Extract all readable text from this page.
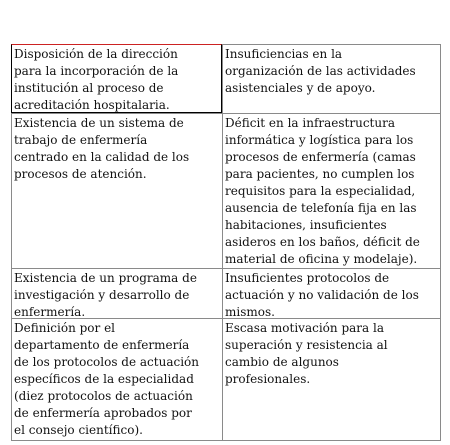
Disposición de la dirección
para la incorporación de la
institución al proceso de
acreditación hospitalaria.
Insuficiencias en la
organización de las actividades
asistenciales y de apoyo.
Existencia de un sistema de
trabajo de enfermería
centrado en la calidad de los
procesos de atención.
Déficit en la infraestructura
informática y logística para los
procesos de enfermería (camas
para pacientes, no cumplen los
requisitos para la especialidad,
ausencia de telefonía fija en las
habitaciones, insuficientes
asideros en los baños, déficit de
material de oficina y modelaje).
Existencia de un programa de
investigación y desarrollo de
enfermería.
Insuficientes protocolos de
actuación y no validación de los
mismos.
Definición por el
departamento de enfermería
de los protocolos de actuación
específicos de la especialidad
(diez protocolos de actuación
de enfermería aprobados por
el consejo científico).
Escasa motivación para la
superación y resistencia al
cambio de algunos
profesionales.
